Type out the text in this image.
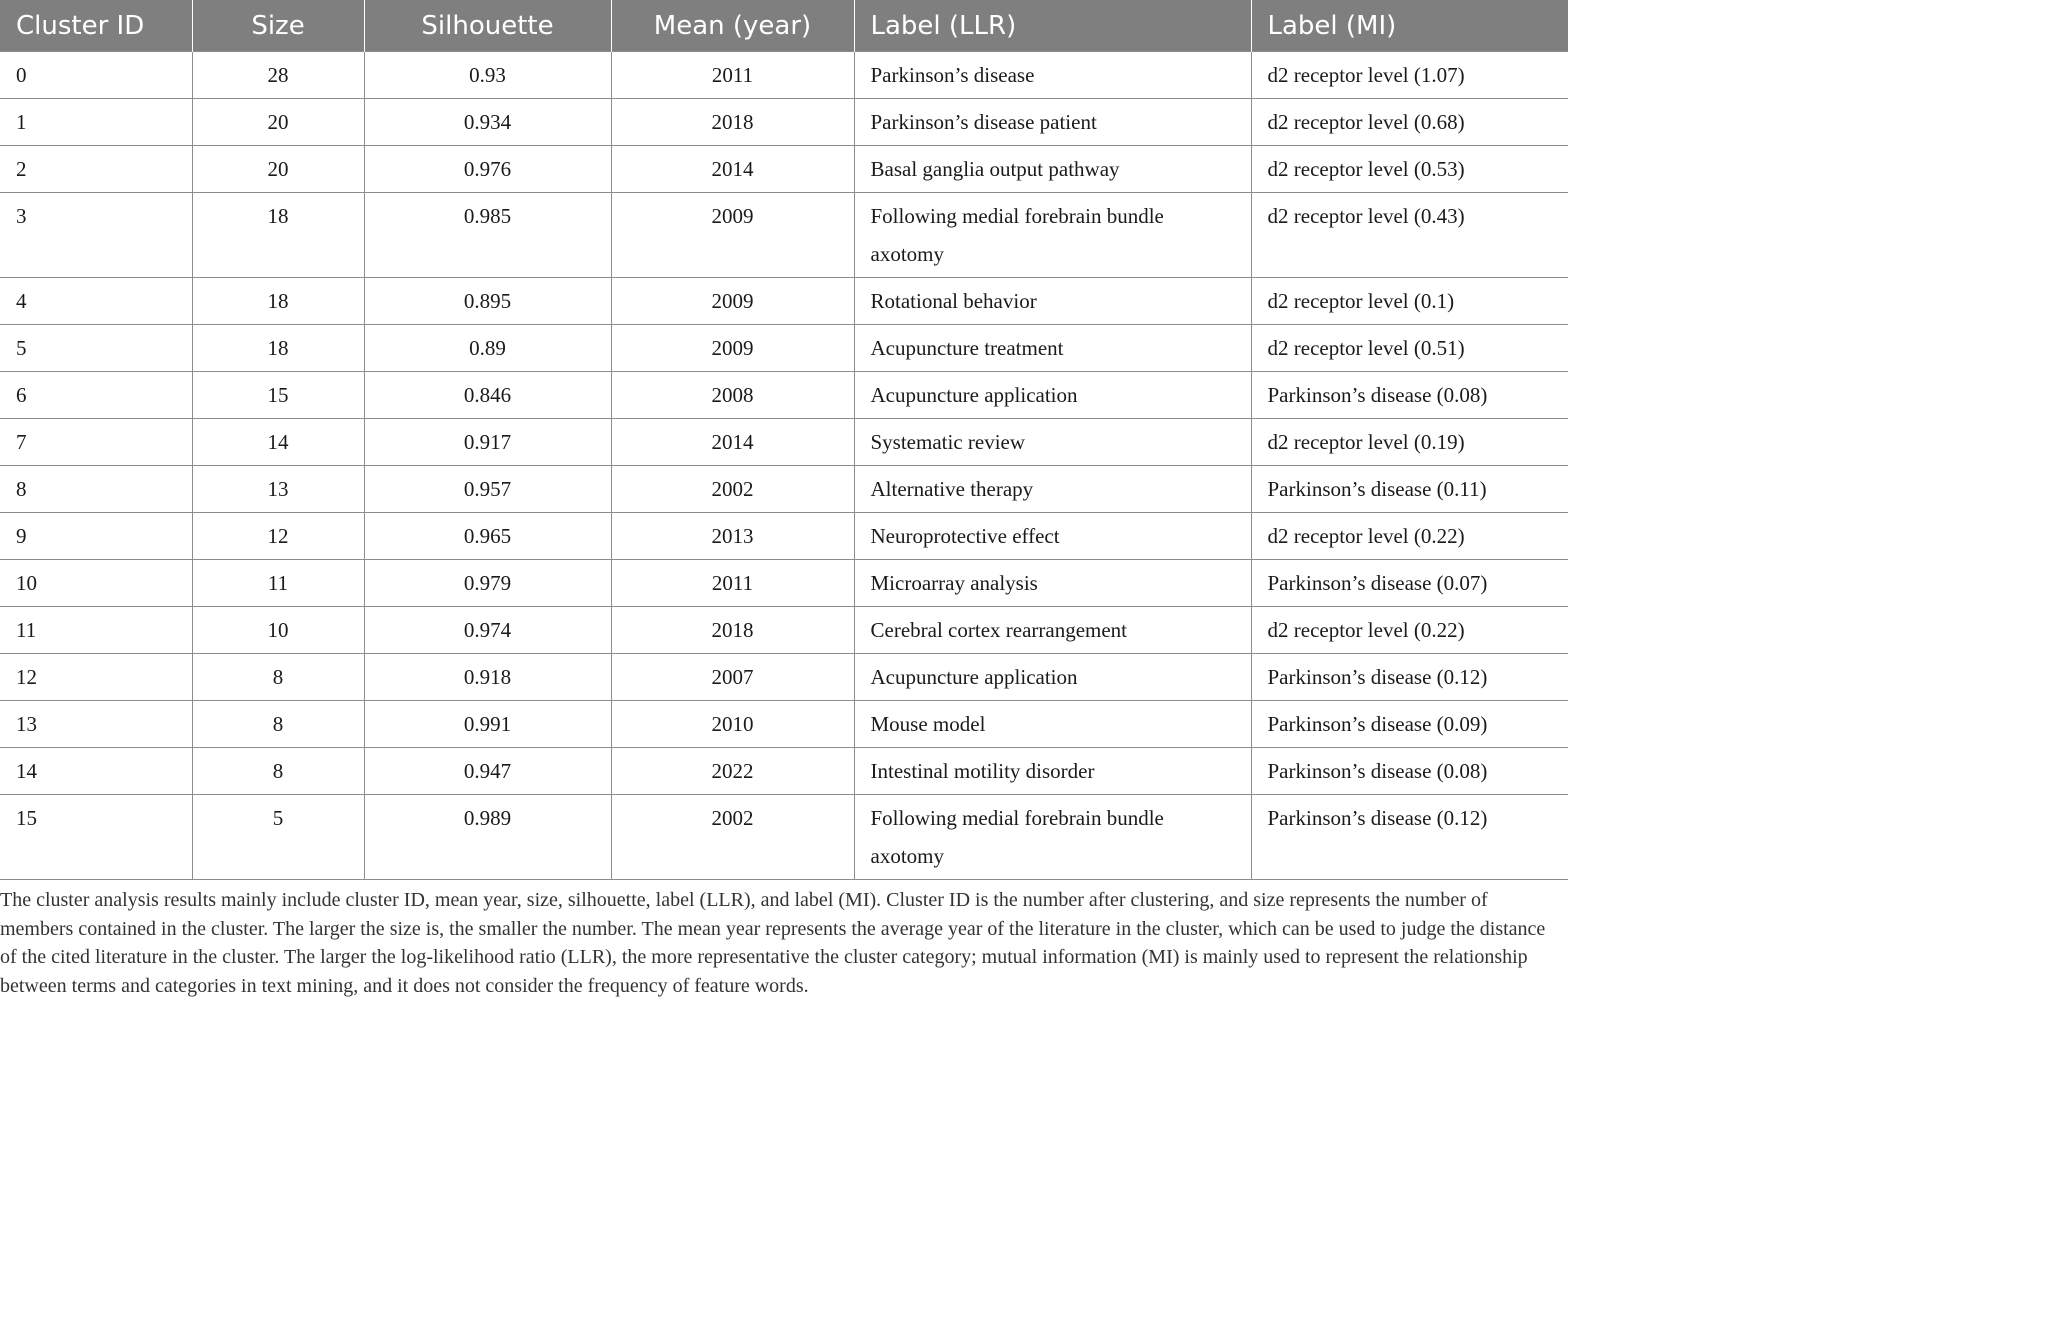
Cluster ID	Size	Silhouette	Mean (year)	Label (LLR)	Label (MI)
0	28	0.93	2011	Parkinson’s disease	d2 receptor level (1.07)
1	20	0.934	2018	Parkinson’s disease patient	d2 receptor level (0.68)
2	20	0.976	2014	Basal ganglia output pathway	d2 receptor level (0.53)
3	18	0.985	2009	Following medial forebrain bundle axotomy	d2 receptor level (0.43)
4	18	0.895	2009	Rotational behavior	d2 receptor level (0.1)
5	18	0.89	2009	Acupuncture treatment	d2 receptor level (0.51)
6	15	0.846	2008	Acupuncture application	Parkinson’s disease (0.08)
7	14	0.917	2014	Systematic review	d2 receptor level (0.19)
8	13	0.957	2002	Alternative therapy	Parkinson’s disease (0.11)
9	12	0.965	2013	Neuroprotective effect	d2 receptor level (0.22)
10	11	0.979	2011	Microarray analysis	Parkinson’s disease (0.07)
11	10	0.974	2018	Cerebral cortex rearrangement	d2 receptor level (0.22)
12	8	0.918	2007	Acupuncture application	Parkinson’s disease (0.12)
13	8	0.991	2010	Mouse model	Parkinson’s disease (0.09)
14	8	0.947	2022	Intestinal motility disorder	Parkinson’s disease (0.08)
15	5	0.989	2002	Following medial forebrain bundle axotomy	Parkinson’s disease (0.12)

The cluster analysis results mainly include cluster ID, mean year, size, silhouette, label (LLR), and label (MI). Cluster ID is the number after clustering, and size represents the number of members contained in the cluster. The larger the size is, the smaller the number. The mean year represents the average year of the literature in the cluster, which can be used to judge the distance of the cited literature in the cluster. The larger the log-likelihood ratio (LLR), the more representative the cluster category; mutual information (MI) is mainly used to represent the relationship between terms and categories in text mining, and it does not consider the frequency of feature words.
